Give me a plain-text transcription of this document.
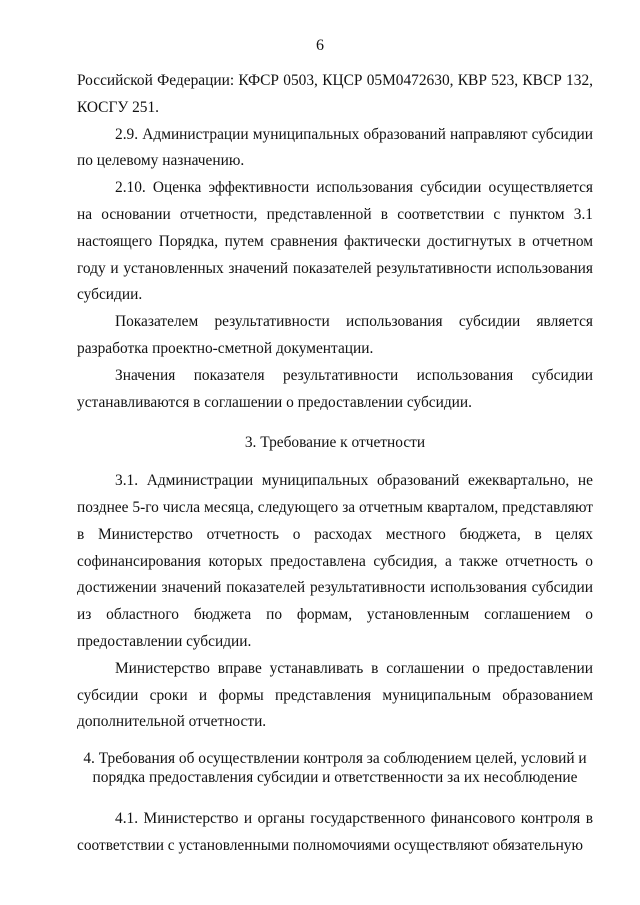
6

Российской Федерации: КФСР 0503, КЦСР 05М0472630, КВР 523, КВСР 132, КОСГУ 251.

2.9. Администрации муниципальных образований направляют субсидии по целевому назначению.

2.10. Оценка эффективности использования субсидии осуществляется на основании отчетности, представленной в соответствии с пунктом 3.1 настоящего Порядка, путем сравнения фактически достигнутых в отчетном году и установленных значений показателей результативности использования субсидии.

Показателем результативности использования субсидии является разработка проектно-сметной документации.

Значения показателя результативности использования субсидии устанавливаются в соглашении о предоставлении субсидии.

3. Требование к отчетности

3.1. Администрации муниципальных образований ежеквартально, не позднее 5-го числа месяца, следующего за отчетным кварталом, представляют в Министерство отчетность о расходах местного бюджета, в целях софинансирования которых предоставлена субсидия, а также отчетность о достижении значений показателей результативности использования субсидии из областного бюджета по формам, установленным соглашением о предоставлении субсидии.

Министерство вправе устанавливать в соглашении о предоставлении субсидии сроки и формы представления муниципальным образованием дополнительной отчетности.

4. Требования об осуществлении контроля за соблюдением целей, условий и
порядка предоставления субсидии и ответственности за их несоблюдение

4.1. Министерство и органы государственного финансового контроля в соответствии с установленными полномочиями осуществляют обязательную
